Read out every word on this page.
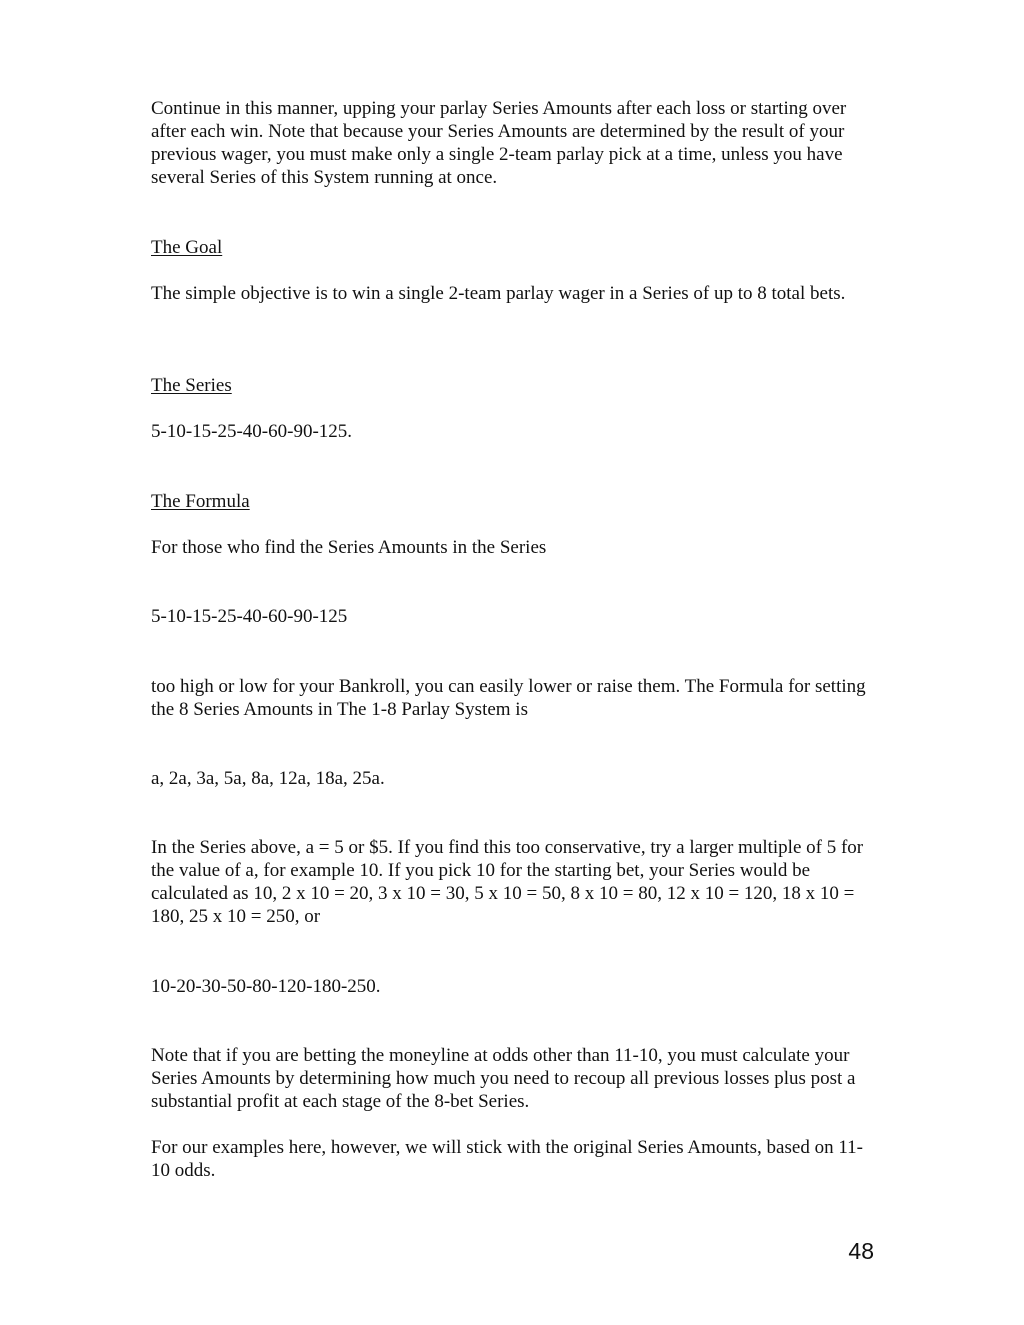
Continue in this manner, upping your parlay Series Amounts after each loss or starting over after each win. Note that because your Series Amounts are determined by the result of your previous wager, you must make only a single 2-team parlay pick at a time, unless you have several Series of this System running at once.

The Goal

The simple objective is to win a single 2-team parlay wager in a Series of up to 8 total bets.

The Series

5-10-15-25-40-60-90-125.

The Formula

For those who find the Series Amounts in the Series

5-10-15-25-40-60-90-125

too high or low for your Bankroll, you can easily lower or raise them. The Formula for setting the 8 Series Amounts in The 1-8 Parlay System is

a, 2a, 3a, 5a, 8a, 12a, 18a, 25a.

In the Series above, a = 5 or $5. If you find this too conservative, try a larger multiple of 5 for the value of a, for example 10. If you pick 10 for the starting bet, your Series would be calculated as 10, 2 x 10 = 20, 3 x 10 = 30, 5 x 10 = 50, 8 x 10 = 80, 12 x 10 = 120, 18 x 10 = 180, 25 x 10 = 250, or

10-20-30-50-80-120-180-250.

Note that if you are betting the moneyline at odds other than 11-10, you must calculate your Series Amounts by determining how much you need to recoup all previous losses plus post a substantial profit at each stage of the 8-bet Series.

For our examples here, however, we will stick with the original Series Amounts, based on 11-10 odds.

48
